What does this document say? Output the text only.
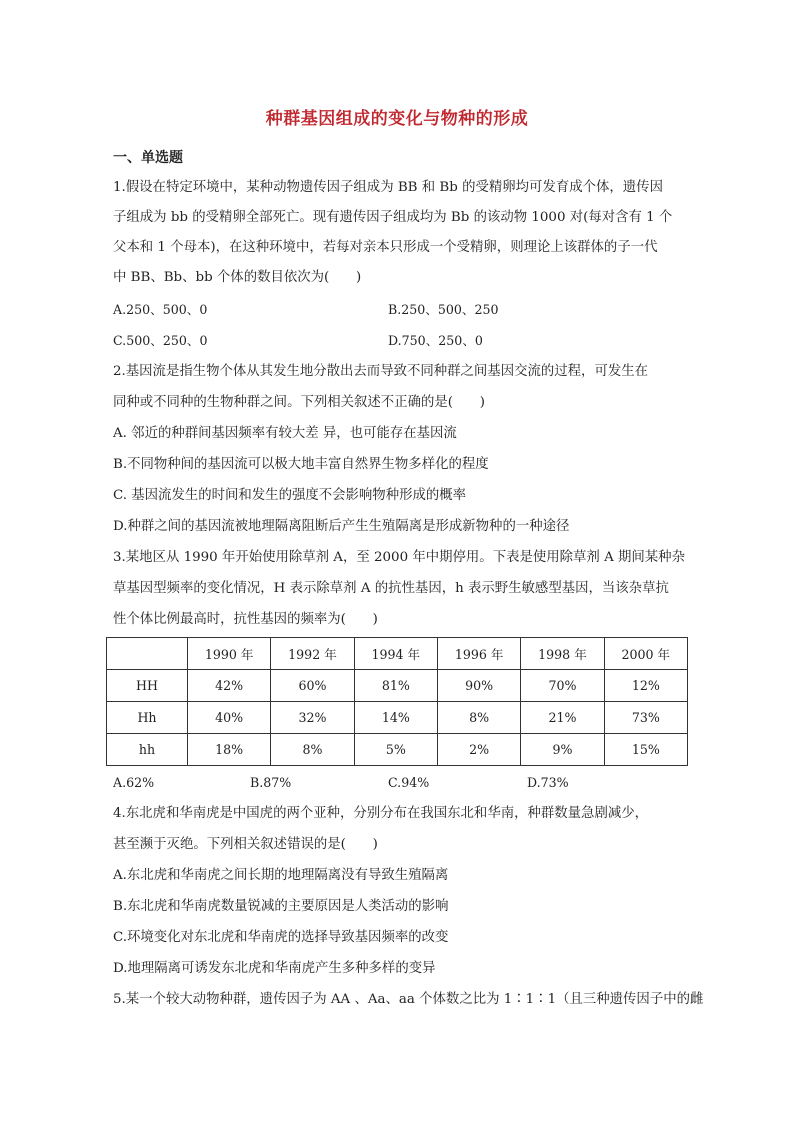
种群基因组成的变化与物种的形成
一、单选题
1.假设在特定环境中，某种动物遗传因子组成为 BB 和 Bb 的受精卵均可发育成个体，遗传因
子组成为 bb 的受精卵全部死亡。现有遗传因子组成均为 Bb 的该动物 1000 对(每对含有 1 个
父本和 1 个母本)，在这种环境中，若每对亲本只形成一个受精卵，则理论上该群体的子一代
中 BB、Bb、bb 个体的数目依次为(　　)
A.250、500、0	B.250、500、250
C.500、250、0	D.750、250、0
2.基因流是指生物个体从其发生地分散出去而导致不同种群之间基因交流的过程，可发生在
同种或不同种的生物种群之间。下列相关叙述不正确的是(　　)
A. 邻近的种群间基因频率有较大差 异，也可能存在基因流
B.不同物种间的基因流可以极大地丰富自然界生物多样化的程度
C. 基因流发生的时间和发生的强度不会影响物种形成的概率
D.种群之间的基因流被地理隔离阻断后产生生殖隔离是形成新物种的一种途径
3.某地区从 1990 年开始使用除草剂 A，至 2000 年中期停用。下表是使用除草剂 A 期间某种杂
草基因型频率的变化情况，H 表示除草剂 A 的抗性基因，h 表示野生敏感型基因，当该杂草抗
性个体比例最高时，抗性基因的频率为(　　)
	1990 年	1992 年	1994 年	1996 年	1998 年	2000 年
HH	42%	60%	81%	90%	70%	12%
Hh	40%	32%	14%	8%	21%	73%
hh	18%	8%	5%	2%	9%	15%
A.62%	B.87%	C.94%	D.73%
4.东北虎和华南虎是中国虎的两个亚种，分别分布在我国东北和华南，种群数量急剧减少，
甚至濒于灭绝。下列相关叙述错误的是(　　)
A.东北虎和华南虎之间长期的地理隔离没有导致生殖隔离
B.东北虎和华南虎数量锐减的主要原因是人类活动的影响
C.环境变化对东北虎和华南虎的选择导致基因频率的改变
D.地理隔离可诱发东北虎和华南虎产生多种多样的变异
5.某一个较大动物种群，遗传因子为 AA 、Aa、aa 个体数之比为 1∶1∶1（且三种遗传因子中的雌
